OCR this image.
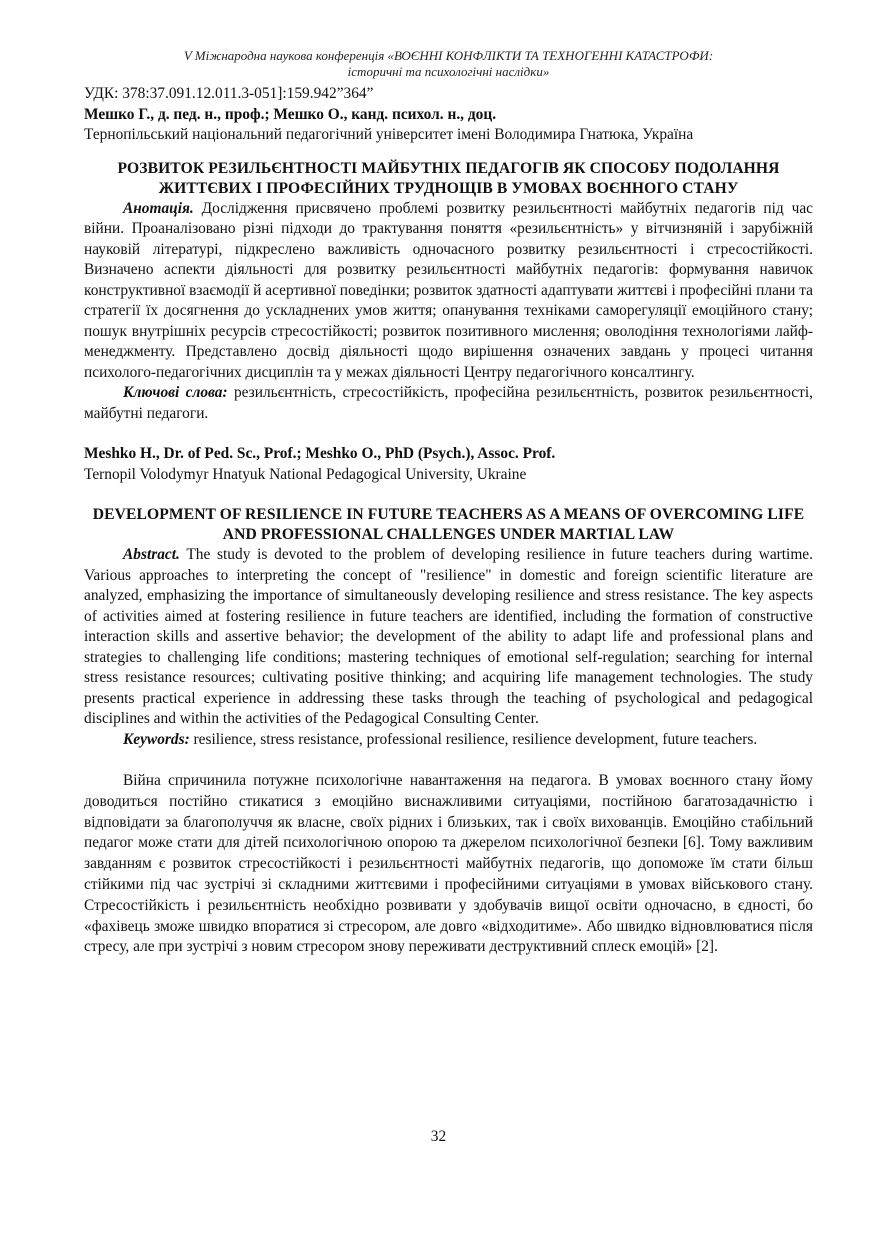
V Міжнародна наукова конференція «ВОЄННІ КОНФЛІКТИ ТА ТЕХНОГЕННІ КАТАСТРОФИ:
історичні та психологічні наслідки»
УДК: 378:37.091.12.011.3-051]:159.942”364”
Мешко Г., д. пед. н., проф.; Мешко О., канд. психол. н., доц.
Тернопільський національний педагогічний університет імені Володимира Гнатюка, Україна
РОЗВИТОК РЕЗИЛЬЄНТНОСТІ МАЙБУТНІХ ПЕДАГОГІВ ЯК СПОСОБУ ПОДОЛАННЯ ЖИТТЄВИХ І ПРОФЕСІЙНИХ ТРУДНОЩІВ В УМОВАХ ВОЄННОГО СТАНУ
Анотація. Дослідження присвячено проблемі розвитку резильєнтності майбутніх педагогів під час війни. Проаналізовано різні підходи до трактування поняття «резильєнтність» у вітчизняній і зарубіжній науковій літературі, підкреслено важливість одночасного розвитку резильєнтності і стресостійкості. Визначено аспекти діяльності для розвитку резильєнтності майбутніх педагогів: формування навичок конструктивної взаємодії й асертивної поведінки; розвиток здатності адаптувати життєві і професійні плани та стратегії їх досягнення до ускладнених умов життя; опанування техніками саморегуляції емоційного стану; пошук внутрішніх ресурсів стресостійкості; розвиток позитивного мислення; оволодіння технологіями лайф-менеджменту. Представлено досвід діяльності щодо вирішення означених завдань у процесі читання психолого-педагогічних дисциплін та у межах діяльності Центру педагогічного консалтингу.
Ключові слова: резильєнтність, стресостійкість, професійна резильєнтність, розвиток резильєнтності, майбутні педагоги.
Meshko H., Dr. of Ped. Sc., Prof.; Meshko O., PhD (Psych.), Assoc. Prof.
Ternopil Volodymyr Hnatyuk National Pedagogical University, Ukraine
DEVELOPMENT OF RESILIENCE IN FUTURE TEACHERS AS A MEANS OF OVERCOMING LIFE AND PROFESSIONAL CHALLENGES UNDER MARTIAL LAW
Abstract. The study is devoted to the problem of developing resilience in future teachers during wartime. Various approaches to interpreting the concept of "resilience" in domestic and foreign scientific literature are analyzed, emphasizing the importance of simultaneously developing resilience and stress resistance. The key aspects of activities aimed at fostering resilience in future teachers are identified, including the formation of constructive interaction skills and assertive behavior; the development of the ability to adapt life and professional plans and strategies to challenging life conditions; mastering techniques of emotional self-regulation; searching for internal stress resistance resources; cultivating positive thinking; and acquiring life management technologies. The study presents practical experience in addressing these tasks through the teaching of psychological and pedagogical disciplines and within the activities of the Pedagogical Consulting Center.
Keywords: resilience, stress resistance, professional resilience, resilience development, future teachers.
Війна спричинила потужне психологічне навантаження на педагога. В умовах воєнного стану йому доводиться постійно стикатися з емоційно виснажливими ситуаціями, постійною багатозадачністю і відповідати за благополуччя як власне, своїх рідних і близьких, так і своїх вихованців. Емоційно стабільний педагог може стати для дітей психологічною опорою та джерелом психологічної безпеки [6]. Тому важливим завданням є розвиток стресостійкості і резильєнтності майбутніх педагогів, що допоможе їм стати більш стійкими під час зустрічі зі складними життєвими і професійними ситуаціями в умовах військового стану. Стресостійкість і резильєнтність необхідно розвивати у здобувачів вищої освіти одночасно, в єдності, бо «фахівець зможе швидко впоратися зі стресором, але довго «відходитиме». Або швидко відновлюватися після стресу, але при зустрічі з новим стресором знову переживати деструктивний сплеск емоцій» [2].
32
